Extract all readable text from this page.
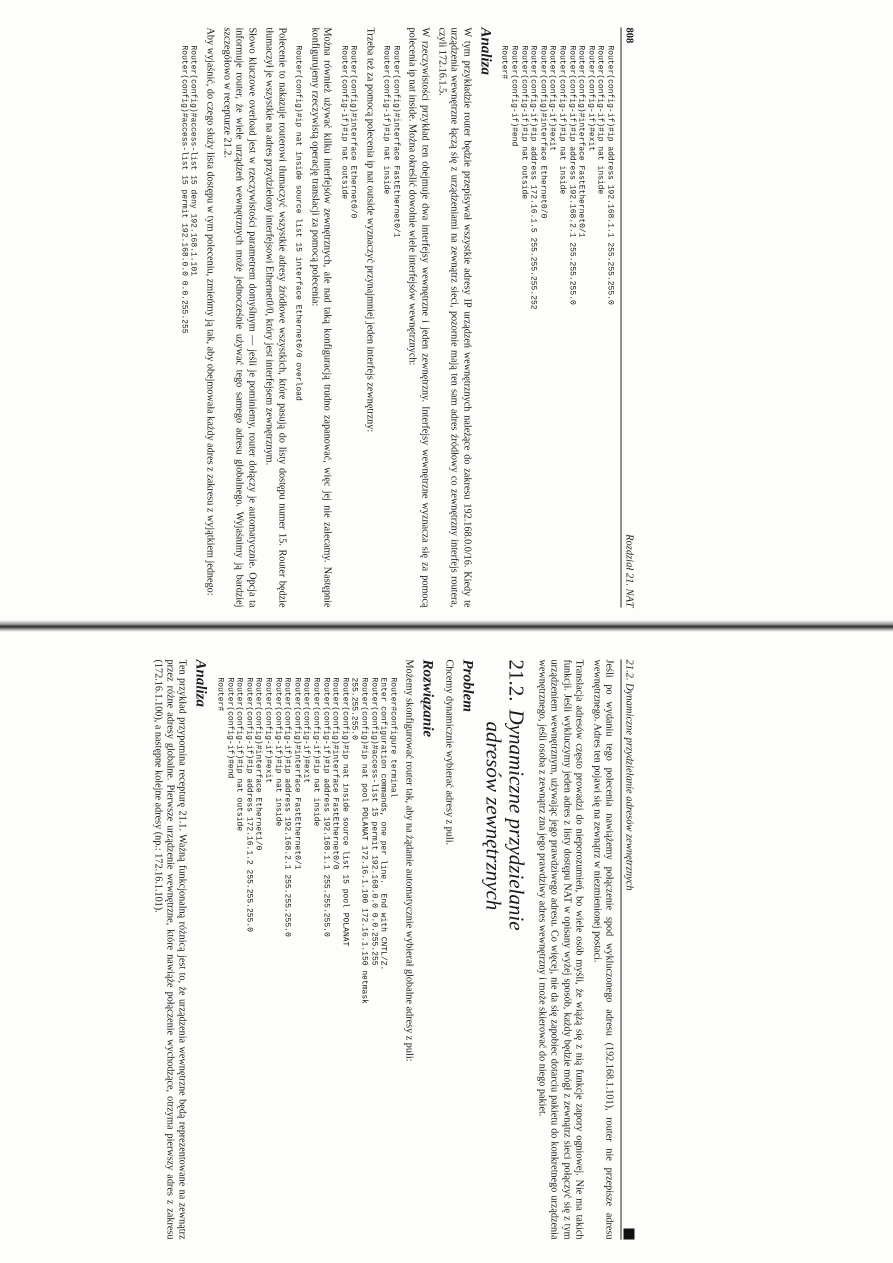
808
Rozdział 21. NAT
Router(config-if)#ip address 192.168.1.1 255.255.255.0
Router(config-if)#ip nat inside
Router(config-if)#exit
Router(config)#interface FastEthernet0/1
Router(config-if)#ip address 192.168.2.1 255.255.255.0
Router(config-if)#ip nat inside
Router(config-if)#exit
Router(config)#interface Ethernet0/0
Router(config-if)#ip address 172.16.1.5 255.255.255.252
Router(config-if)#ip nat outside
Router(config-if)#end
Router#
Analiza

W tym przykładzie router będzie przepisywał wszystkie adresy IP urządzeń wewnętrznych należące do zakresu 192.168.0.0/16. Kiedy te urządzenia wewnętrzne łączą się z urządzeniami na zewnątrz sieci, pozornie mają ten sam adres źródłowy co zewnętrzny interfejs routera, czyli 172.16.1.5.

W rzeczywistości przykład ten obejmuje dwa interfejsy wewnętrzne i jeden zewnętrzny. Interfejsy wewnętrzne wyznacza się za pomocą polecenia ip nat inside. Można określić dowolnie wiele interfejsów wewnętrznych:

Router(config)#interface FastEthernet0/1
Router(config-if)#ip nat inside

Trzeba też za pomocą polecenia ip nat outside wyznaczyć przynajmniej jeden interfejs zewnętrzny:

Router(config)#interface Ethernet0/0
Router(config-if)#ip nat outside

Można również używać kilku interfejsów zewnętrznych, ale nad taką konfiguracją trudno zapanować, więc jej nie zalecamy. Następnie konfigurujemy rzeczywistą operację translacji za pomocą polecenia:

Router(config)#ip nat inside source list 15 interface Ethernet0/0 overload

Polecenie to nakazuje routerowi tłumaczyć wszystkie adresy źródłowe wszystkich, które pasują do listy dostępu numer 15. Router będzie tłumaczył je wszystkie na adres przydzielony interfejsowi Ethernet0/0, który jest interfejsem zewnętrznym.

Słowo kluczowe overload jest w rzeczywistości parametrem domyślnym — jeśli je pominiemy, router dołączy je automatycznie. Opcja ta informuje router, że wiele urządzeń wewnętrznych może jednocześnie używać tego samego adresu globalnego. Wyjaśnimy ją bardziej szczegółowo w recepturze 21.2.

Aby wyjaśnić, do czego służy lista dostępu w tym poleceniu, zmieńmy ją tak, aby obejmowała każdy adres z zakresu z wyjątkiem jednego:

Router(config)#access-list 15 deny 192.168.1.101
Router(config)#access-list 15 permit 192.168.0.0 0.0.255.255
21.2. Dynamiczne przydzielanie adresów zewnętrznych

Jeśli po wydaniu tego polecenia nawiążemy połączenie spod wykluczonego adresu (192.168.1.101), router nie przepisze adresu wewnętrznego. Adres ten pojawi się na zewnątrz w niezmienionej postaci.

Translacja adresów często prowadzi do nieporozumień, bo wiele osób myśli, że wiążą się z nią funkcje zapory ogniowej. Nie ma takich funkcji. Jeśli wykluczymy jeden adres z listy dostępu NAT w opisany wyżej sposób, każdy będzie mógł z zewnątrz sieci połączyć się z tym urządzeniem wewnętrznym, używając jego prawdziwego adresu. Co więcej, nie da się zapobiec dotarciu pakietu do konkretnego urządzenia wewnętrznego, jeśli osoba z zewnątrz zna jego prawdziwy adres wewnętrzny i może skierować do niego pakiet.

21.2.Dynamiczne przydzielanie
adresów zewnętrznych
Problem

Chcemy dynamicznie wybierać adresy z puli.

Rozwiązanie

Możemy skonfigurować router tak, aby na żądanie automatycznie wybierał globalne adresy z puli:

Router#configure terminal
Enter configuration commands, one per line.  End with CNTL/Z.
Router(config)#access-list 15 permit 192.168.0.0 0.0.255.255
Router(config)#ip nat pool POLANAT 172.16.1.100 172.16.1.150 netmask
255.255.255.0
Router(config)#ip nat inside source list 15 pool POLANAT
Router(config)#interface FastEthernet0/0
Router(config-if)#ip address 192.168.1.1 255.255.255.0
Router(config-if)#ip nat inside
Router(config-if)#exit
Router(config)#interface FastEthernet0/1
Router(config-if)#ip address 192.168.2.1 255.255.255.0
Router(config-if)#ip nat inside
Router(config-if)#exit
Router(config)#interface Ethernet1/0
Router(config-if)#ip address 172.16.1.2 255.255.255.0
Router(config-if)#ip nat outside
Router(config-if)#end
Router#
Analiza

Ten przykład przypomina recepturę 21.1. Ważną funkcjonalną różnicą jest to, że urządzenia wewnętrzne będą reprezentowane na zewnątrz przez różne adresy globalne. Pierwsze urządzenie wewnętrzne, które nawiąże połączenie wychodzące, otrzyma pierwszy adres z zakresu (172.16.1.100), a następne kolejne adresy (np.: 172.16.1.101).
